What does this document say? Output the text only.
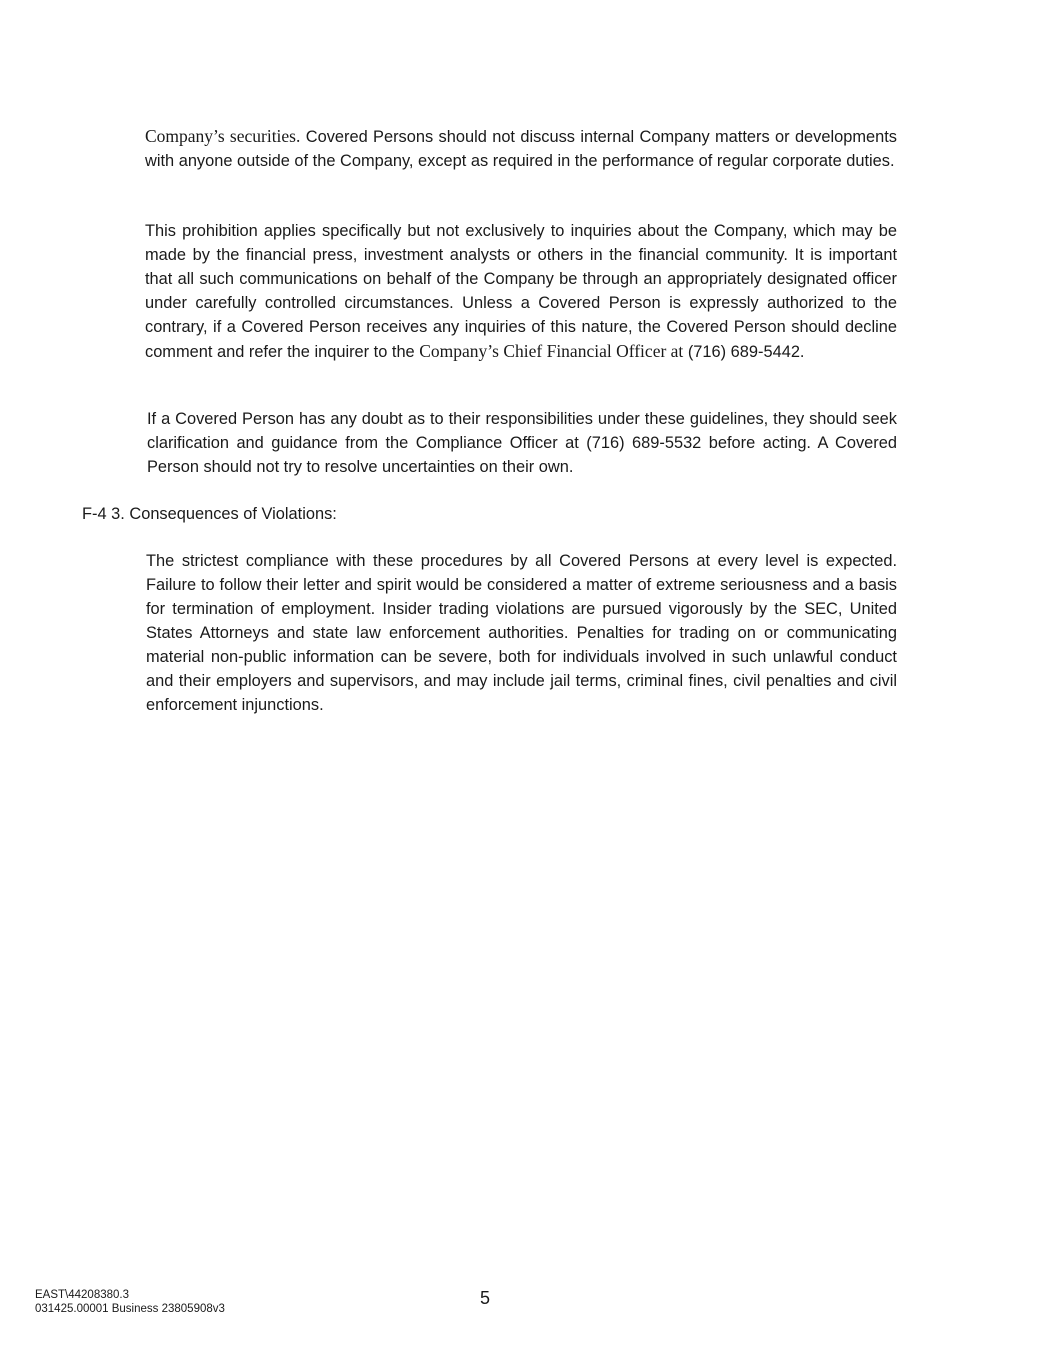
Company’s securities. Covered Persons should not discuss internal Company matters or developments with anyone outside of the Company, except as required in the performance of regular corporate duties.

This prohibition applies specifically but not exclusively to inquiries about the Company, which may be made by the financial press, investment analysts or others in the financial community. It is important that all such communications on behalf of the Company be through an appropriately designated officer under carefully controlled circumstances. Unless a Covered Person is expressly authorized to the contrary, if a Covered Person receives any inquiries of this nature, the Covered Person should decline comment and refer the inquirer to the Company’s Chief Financial Officer at (716) 689-5442.

If a Covered Person has any doubt as to their responsibilities under these guidelines, they should seek clarification and guidance from the Compliance Officer at (716) 689-5532 before acting. A Covered Person should not try to resolve uncertainties on their own.

F-4 3. Consequences of Violations:

The strictest compliance with these procedures by all Covered Persons at every level is expected. Failure to follow their letter and spirit would be considered a matter of extreme seriousness and a basis for termination of employment. Insider trading violations are pursued vigorously by the SEC, United States Attorneys and state law enforcement authorities. Penalties for trading on or communicating material non-public information can be severe, both for individuals involved in such unlawful conduct and their employers and supervisors, and may include jail terms, criminal fines, civil penalties and civil enforcement injunctions.

EAST\44208380.3
031425.00001 Business 23805908v3
5
